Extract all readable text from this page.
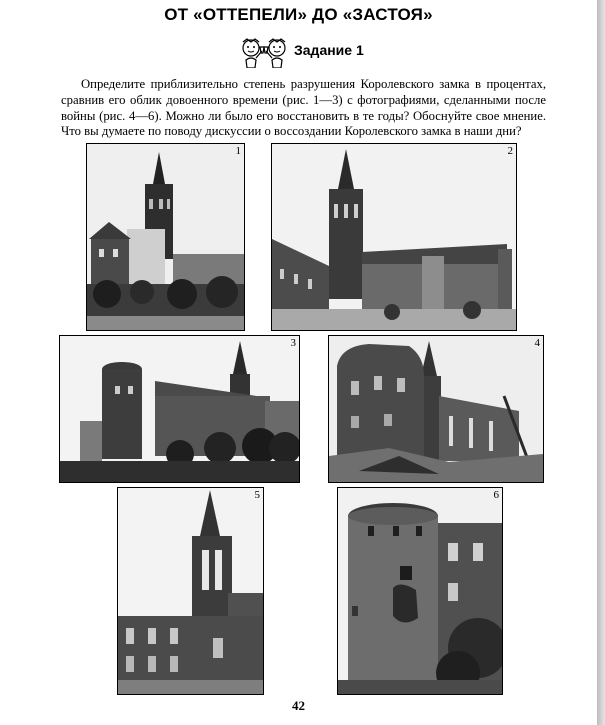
ОТ «ОТТЕПЕЛИ» ДО «ЗАСТОЯ»
Задание 1
Определите приблизительно степень разрушения Королевского замка в процентах, сравнив его облик довоенного времени (рис. 1—3) с фотографиями, сделанными после войны (рис. 4—6). Можно ли было его восстановить в те годы? Обоснуйте свое мнение. Что вы думаете по поводу дискуссии о воссоздании Королевского замка в наши дни?
1	2
3	4
5	6
42
